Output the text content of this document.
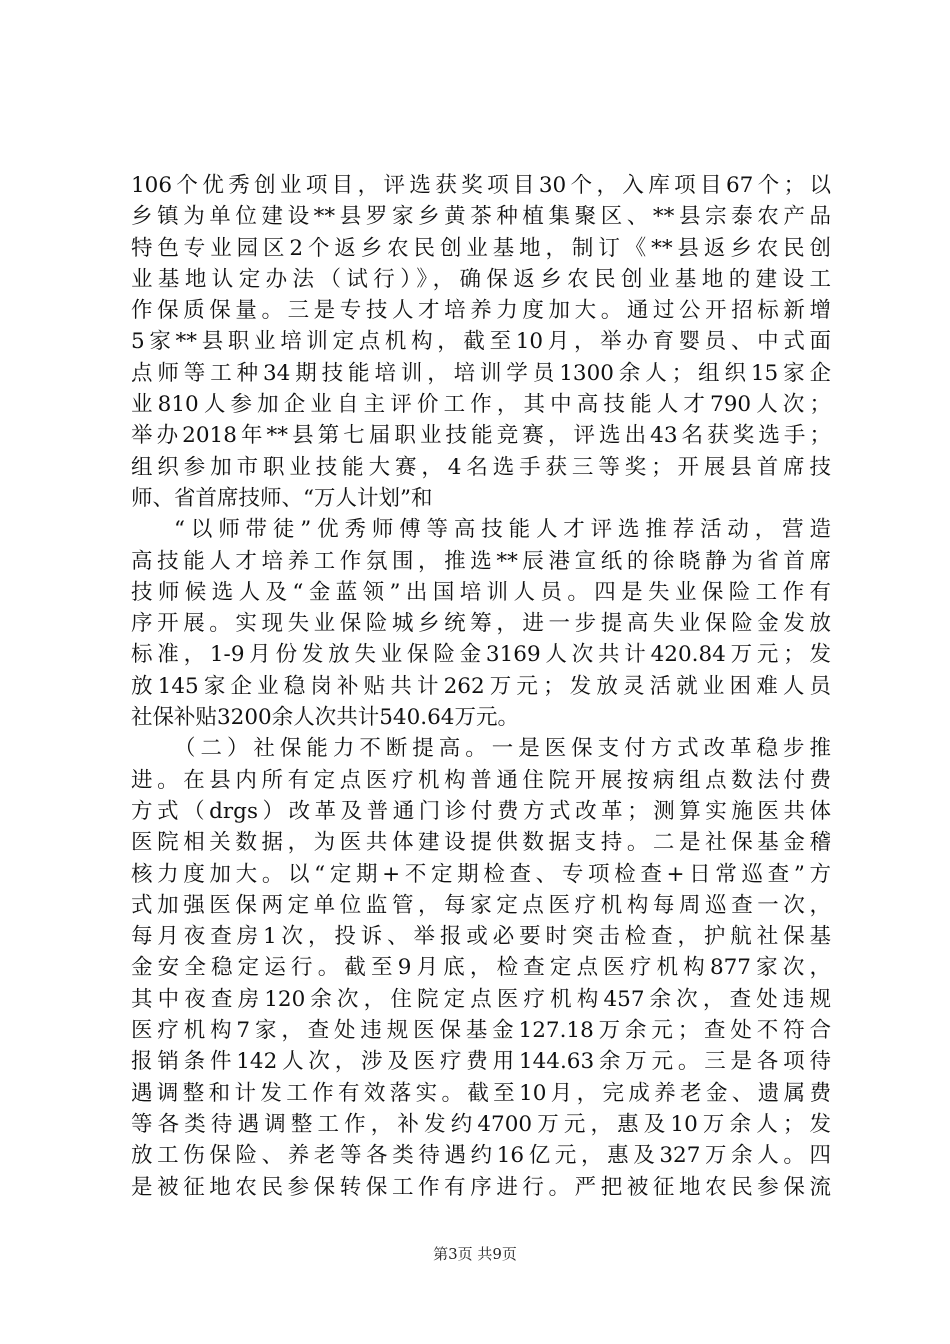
106个优秀创业项目，评选获奖项目30个，入库项目67个；以
乡镇为单位建设**县罗家乡黄茶种植集聚区、**县宗泰农产品
特色专业园区2个返乡农民创业基地，制订《**县返乡农民创
业基地认定办法（试行）》，确保返乡农民创业基地的建设工
作保质保量。三是专技人才培养力度加大。通过公开招标新增
5家**县职业培训定点机构，截至10月，举办育婴员、中式面
点师等工种34期技能培训，培训学员1300余人；组织15家企
业810人参加企业自主评价工作，其中高技能人才790人次；
举办2018年**县第七届职业技能竞赛，评选出43名获奖选手；
组织参加市职业技能大赛，4名选手获三等奖；开展县首席技
师、省首席技师、“万人计划”和
“以师带徒”优秀师傅等高技能人才评选推荐活动，营造
高技能人才培养工作氛围，推选**辰港宣纸的徐晓静为省首席
技师候选人及“金蓝领”出国培训人员。四是失业保险工作有
序开展。实现失业保险城乡统筹，进一步提高失业保险金发放
标准，1-9月份发放失业保险金3169人次共计420.84万元；发
放145家企业稳岗补贴共计262万元；发放灵活就业困难人员
社保补贴3200余人次共计540.64万元。
（二）社保能力不断提高。一是医保支付方式改革稳步推
进。在县内所有定点医疗机构普通住院开展按病组点数法付费
方式（drgs）改革及普通门诊付费方式改革；测算实施医共体
医院相关数据，为医共体建设提供数据支持。二是社保基金稽
核力度加大。以“定期+不定期检查、专项检查+日常巡查”方
式加强医保两定单位监管，每家定点医疗机构每周巡查一次，
每月夜查房1次，投诉、举报或必要时突击检查，护航社保基
金安全稳定运行。截至9月底，检查定点医疗机构877家次，
其中夜查房120余次，住院定点医疗机构457余次，查处违规
医疗机构7家，查处违规医保基金127.18万余元；查处不符合
报销条件142人次，涉及医疗费用144.63余万元。三是各项待
遇调整和计发工作有效落实。截至10月，完成养老金、遗属费
等各类待遇调整工作，补发约4700万元，惠及10万余人；发
放工伤保险、养老等各类待遇约16亿元，惠及327万余人。四
是被征地农民参保转保工作有序进行。严把被征地农民参保流
第3页 共9页
